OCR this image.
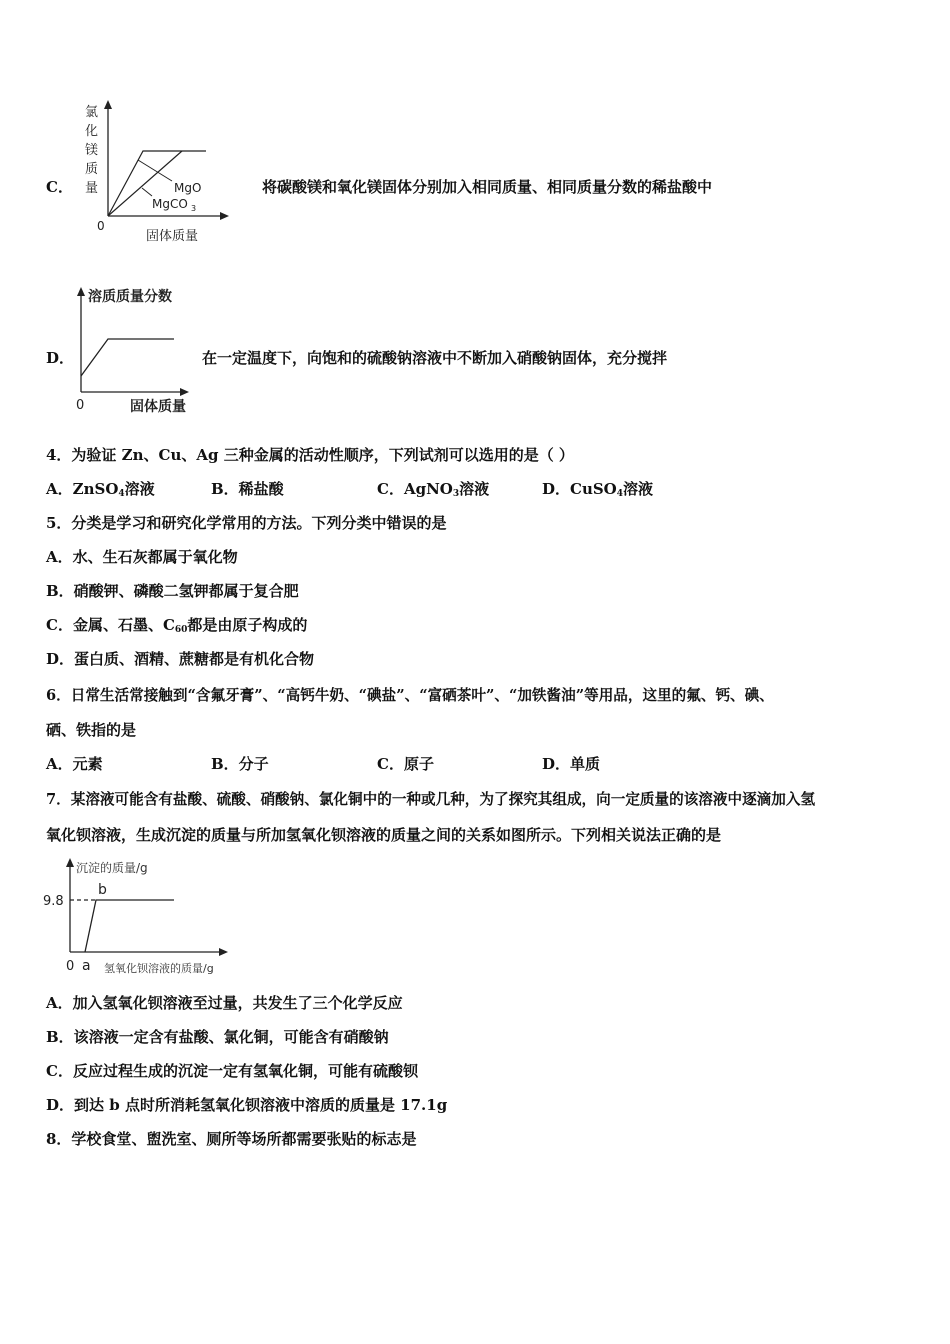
C．
氯
化
镁
质
量	MgO
MgCO 3
0
固体质量
将碳酸镁和氧化镁固体分别加入相同质量、相同质量分数的稀盐酸中
D．
溶质质量分数
0	固体质量
在一定温度下，向饱和的硫酸钠溶液中不断加入硝酸钠固体，充分搅拌
4．为验证 Zn、Cu、Ag 三种金属的活动性顺序，下列试剂可以选用的是（ ）
A．ZnSO$_4$溶液	B．稀盐酸	C．AgNO$_3$溶液	D．CuSO$_4$溶液
5．分类是学习和研究化学常用的方法。下列分类中错误的是
A．水、生石灰都属于氧化物
B．硝酸钾、磷酸二氢钾都属于复合肥
C．金属、石墨、$C_{60}$都是由原子构成的
D．蛋白质、酒精、蔗糖都是有机化合物
6．日常生活常接触到“含氟牙膏”、“高钙牛奶、“碘盐”、“富硒茶叶”、“加铁酱油”等用品，这里的氟、钙、碘、
硒、铁指的是
A．元素	B．分子	C．原子	D．单质
7．某溶液可能含有盐酸、硫酸、硝酸钠、氯化铜中的一种或几种，为了探究其组成，向一定质量的该溶液中逐滴加入氢
氧化钡溶液，生成沉淀的质量与所加氢氧化钡溶液的质量之间的关系如图所示。下列相关说法正确的是
沉淀的质量/g
9.8
b
0 a 氢氧化钡溶液的质量/g
A．加入氢氧化钡溶液至过量，共发生了三个化学反应
B．该溶液一定含有盐酸、氯化铜，可能含有硝酸钠
C．反应过程生成的沉淀一定有氢氧化铜，可能有硫酸钡
D．到达 b 点时所消耗氢氧化钡溶液中溶质的质量是 17.1g
8．学校食堂、盥洗室、厕所等场所都需要张贴的标志是
